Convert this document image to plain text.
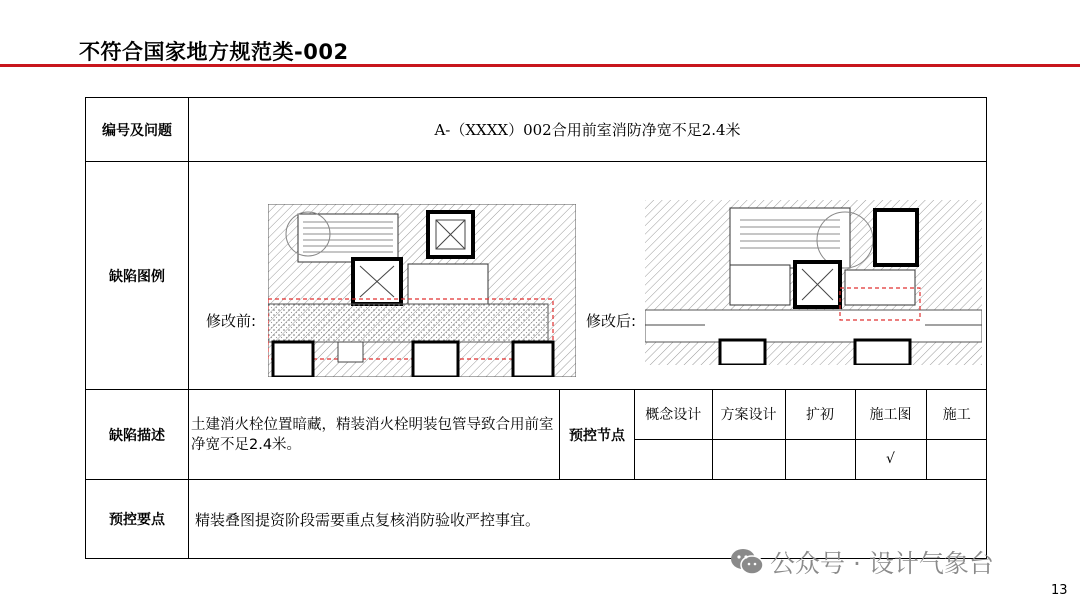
不符合国家地方规范类-002
编号及问题	A-（XXXX）002合用前室消防净宽不足2.4米
缺陷图例	
修改前:	修改后:

缺陷描述	土建消火栓位置暗藏，精装消火栓明装包管导致合用前室净宽不足2.4米。	预控节点	
概念设计	方案设计	扩初	施工图	施工
			√	

预控要点	精装叠图提资阶段需要重点复核消防验收严控事宜。
公众号 · 设计气象台
13
